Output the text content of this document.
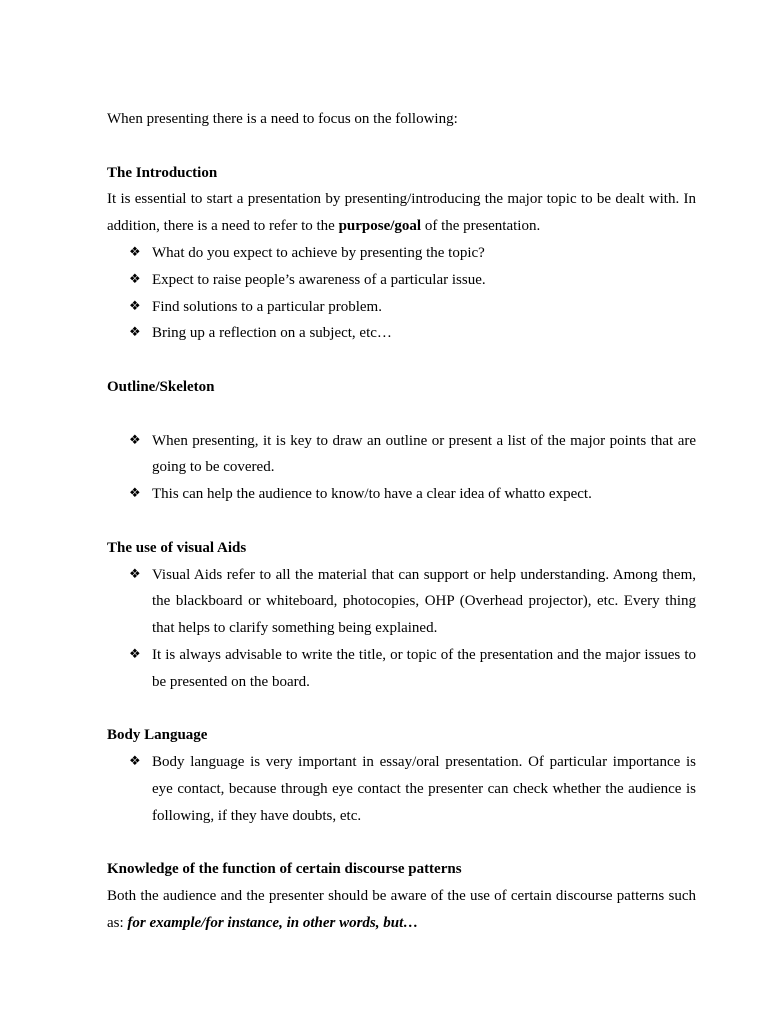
When presenting there is a need to focus on the following:

The Introduction

It is essential to start a presentation by presenting/introducing the major topic to be dealt with. In addition, there is a need to refer to the purpose/goal of the presentation.

❖ What do you expect to achieve by presenting the topic?
❖ Expect to raise people’s awareness of a particular issue.
❖ Find solutions to a particular problem.
❖ Bring up a reflection on a subject, etc…

Outline/Skeleton

❖ When presenting, it is key to draw an outline or present a list of the major points that are going to be covered.
❖ This can help the audience to know/to have a clear idea of whatto expect.

The use of visual Aids

❖ Visual Aids refer to all the material that can support or help understanding. Among them, the blackboard or whiteboard, photocopies, OHP (Overhead projector), etc. Every thing that helps to clarify something being explained.
❖ It is always advisable to write the title, or topic of the presentation and the major issues to be presented on the board.

Body Language

❖ Body language is very important in essay/oral presentation. Of particular importance is eye contact, because through eye contact the presenter can check whether the audience is following, if they have doubts, etc.

Knowledge of the function of certain discourse patterns

Both the audience and the presenter should be aware of the use of certain discourse patterns such as: for example/for instance, in other words, but…
